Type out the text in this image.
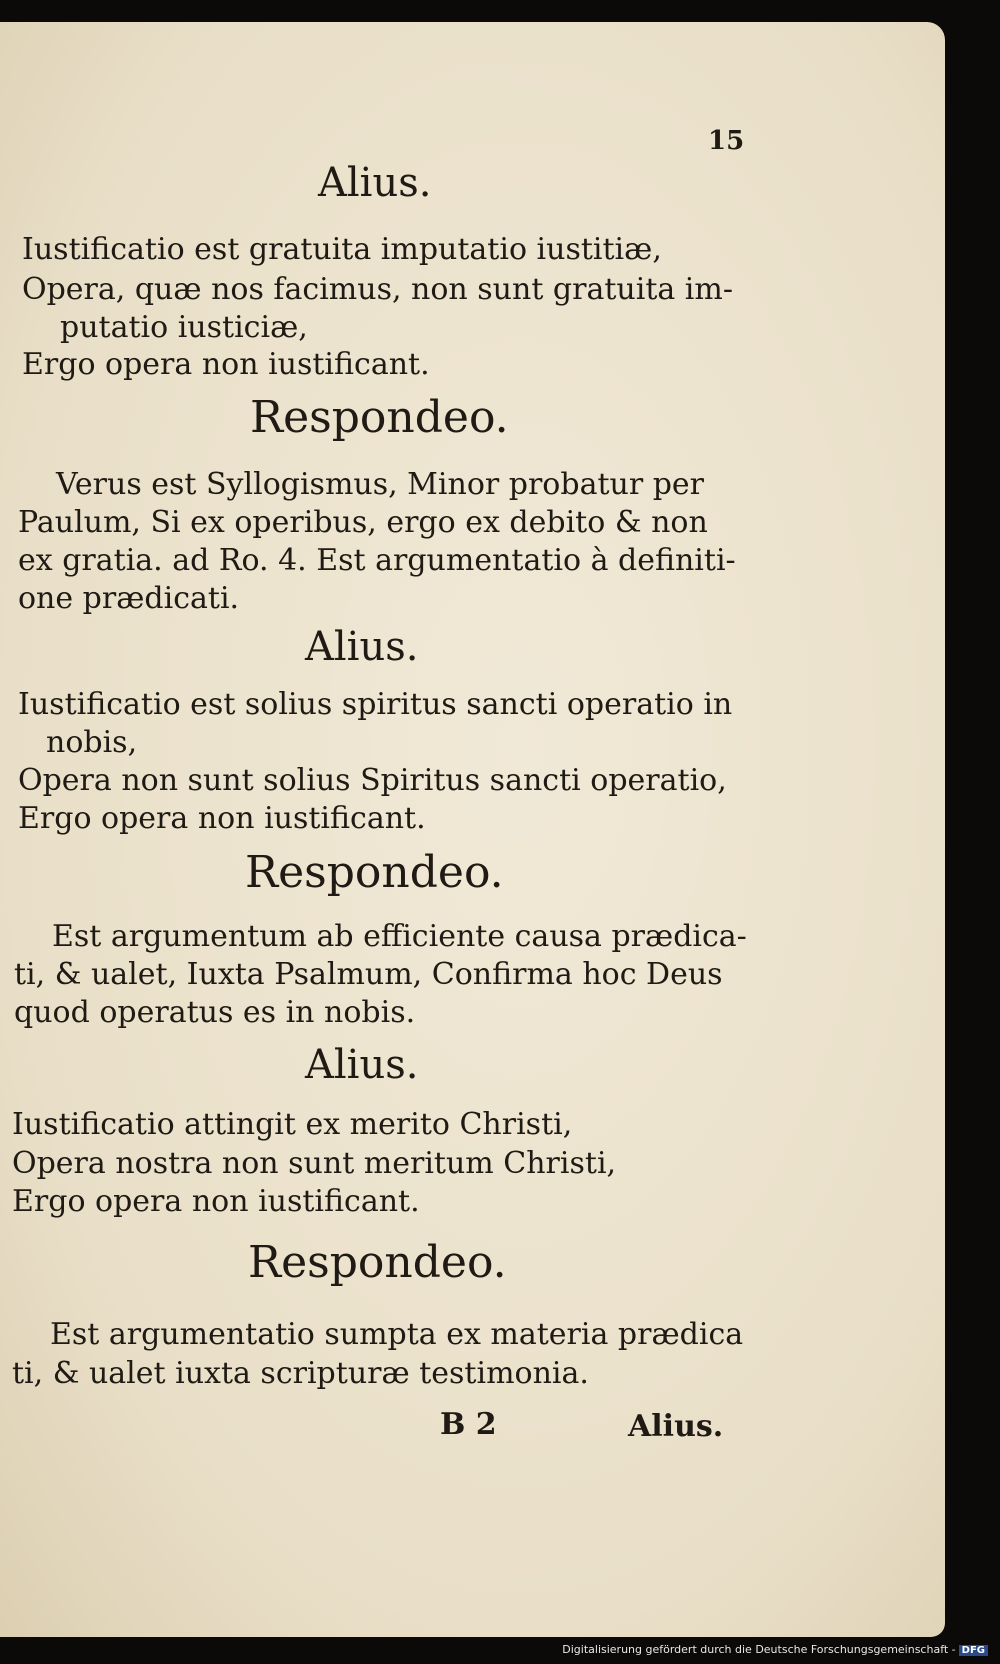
15
Alius.
Iustificatio est gratuita imputatio iustitiæ,
Opera, quæ nos facimus, non sunt gratuita im-
putatio iusticiæ,
Ergo opera non iustificant.
Respondeo.
Verus est Syllogismus, Minor probatur per
Paulum, Si ex operibus, ergo ex debito & non
ex gratia. ad Ro. 4. Est argumentatio à definiti-
one prædicati.
Alius.
Iustificatio est solius spiritus sancti operatio in
nobis,
Opera non sunt solius Spiritus sancti operatio,
Ergo opera non iustificant.
Respondeo.
Est argumentum ab efficiente causa prædica-
ti, & ualet, Iuxta Psalmum, Confirma hoc Deus
quod operatus es in nobis.
Alius.
Iustificatio attingit ex merito Christi,
Opera nostra non sunt meritum Christi,
Ergo opera non iustificant.
Respondeo.
Est argumentatio sumpta ex materia prædica
ti, & ualet iuxta scripturæ testimonia.
B 2	Alius.
Digitalisierung gefördert durch die Deutsche Forschungsgemeinschaft - DFG
